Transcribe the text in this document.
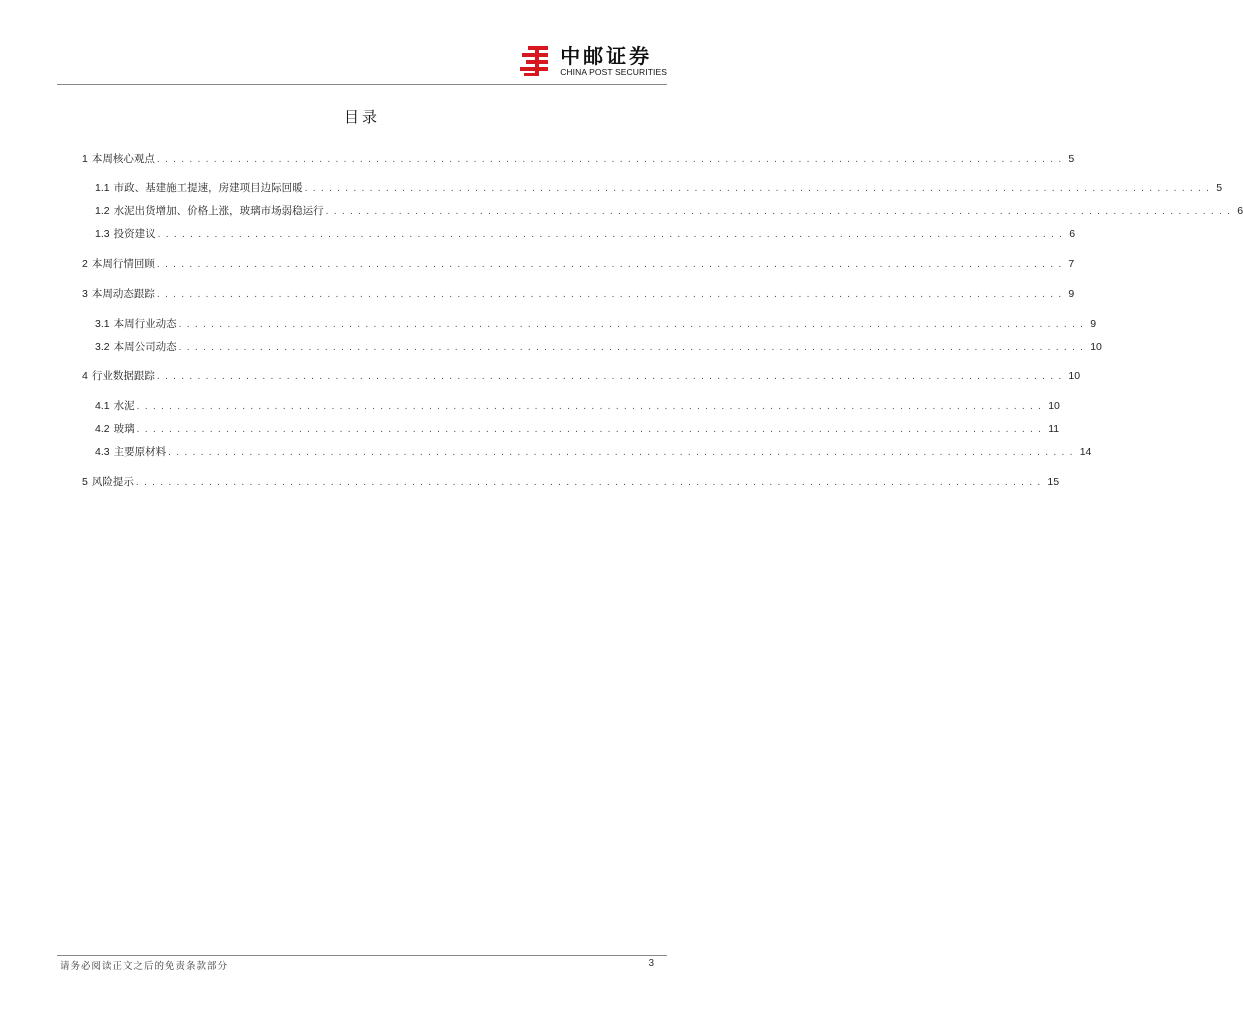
中邮证券
CHINA POST SECURITIES
目录
1 本周核心观点 . . . . . . . . . . . . . . . . . . . . . . . . . . . . . . . . . . . . . . . . . . . . . . . . . . . . . . . . . . . . . . . . . . . . . . . . . . . . . . . . . . . . . . . . . . . . . . . . . . . . . . . . . . . . . . . . 5
1.1 市政、基建施工提速，房建项目边际回暖 . . . . . . . . . . . . . . . . . . . . . . . . . . . . . . . . . . . . . . . . . . . . . . . . . . . . . . . . . . . . . . . . . . . . . . . . . . . . . . . . . . . . . . . . . . . . . . . . . . . . . . . . . . . . . . . . 5
1.2 水泥出货增加、价格上涨，玻璃市场弱稳运行 . . . . . . . . . . . . . . . . . . . . . . . . . . . . . . . . . . . . . . . . . . . . . . . . . . . . . . . . . . . . . . . . . . . . . . . . . . . . . . . . . . . . . . . . . . . . . . . . . . . . . . . . . . . . . . . . 6
1.3 投资建议 . . . . . . . . . . . . . . . . . . . . . . . . . . . . . . . . . . . . . . . . . . . . . . . . . . . . . . . . . . . . . . . . . . . . . . . . . . . . . . . . . . . . . . . . . . . . . . . . . . . . . . . . . . . . . . . . 6
2 本周行情回顾 . . . . . . . . . . . . . . . . . . . . . . . . . . . . . . . . . . . . . . . . . . . . . . . . . . . . . . . . . . . . . . . . . . . . . . . . . . . . . . . . . . . . . . . . . . . . . . . . . . . . . . . . . . . . . . . . 7
3 本周动态跟踪 . . . . . . . . . . . . . . . . . . . . . . . . . . . . . . . . . . . . . . . . . . . . . . . . . . . . . . . . . . . . . . . . . . . . . . . . . . . . . . . . . . . . . . . . . . . . . . . . . . . . . . . . . . . . . . . . 9
3.1 本周行业动态 . . . . . . . . . . . . . . . . . . . . . . . . . . . . . . . . . . . . . . . . . . . . . . . . . . . . . . . . . . . . . . . . . . . . . . . . . . . . . . . . . . . . . . . . . . . . . . . . . . . . . . . . . . . . . . . . 9
3.2 本周公司动态 . . . . . . . . . . . . . . . . . . . . . . . . . . . . . . . . . . . . . . . . . . . . . . . . . . . . . . . . . . . . . . . . . . . . . . . . . . . . . . . . . . . . . . . . . . . . . . . . . . . . . . . . . . . . . . . . 10
4 行业数据跟踪 . . . . . . . . . . . . . . . . . . . . . . . . . . . . . . . . . . . . . . . . . . . . . . . . . . . . . . . . . . . . . . . . . . . . . . . . . . . . . . . . . . . . . . . . . . . . . . . . . . . . . . . . . . . . . . . . 10
4.1 水泥 . . . . . . . . . . . . . . . . . . . . . . . . . . . . . . . . . . . . . . . . . . . . . . . . . . . . . . . . . . . . . . . . . . . . . . . . . . . . . . . . . . . . . . . . . . . . . . . . . . . . . . . . . . . . . . . . 10
4.2 玻璃 . . . . . . . . . . . . . . . . . . . . . . . . . . . . . . . . . . . . . . . . . . . . . . . . . . . . . . . . . . . . . . . . . . . . . . . . . . . . . . . . . . . . . . . . . . . . . . . . . . . . . . . . . . . . . . . . 11
4.3 主要原材料 . . . . . . . . . . . . . . . . . . . . . . . . . . . . . . . . . . . . . . . . . . . . . . . . . . . . . . . . . . . . . . . . . . . . . . . . . . . . . . . . . . . . . . . . . . . . . . . . . . . . . . . . . . . . . . . . 14
5 风险提示 . . . . . . . . . . . . . . . . . . . . . . . . . . . . . . . . . . . . . . . . . . . . . . . . . . . . . . . . . . . . . . . . . . . . . . . . . . . . . . . . . . . . . . . . . . . . . . . . . . . . . . . . . . . . . . . . 15
请务必阅读正文之后的免责条款部分	3
